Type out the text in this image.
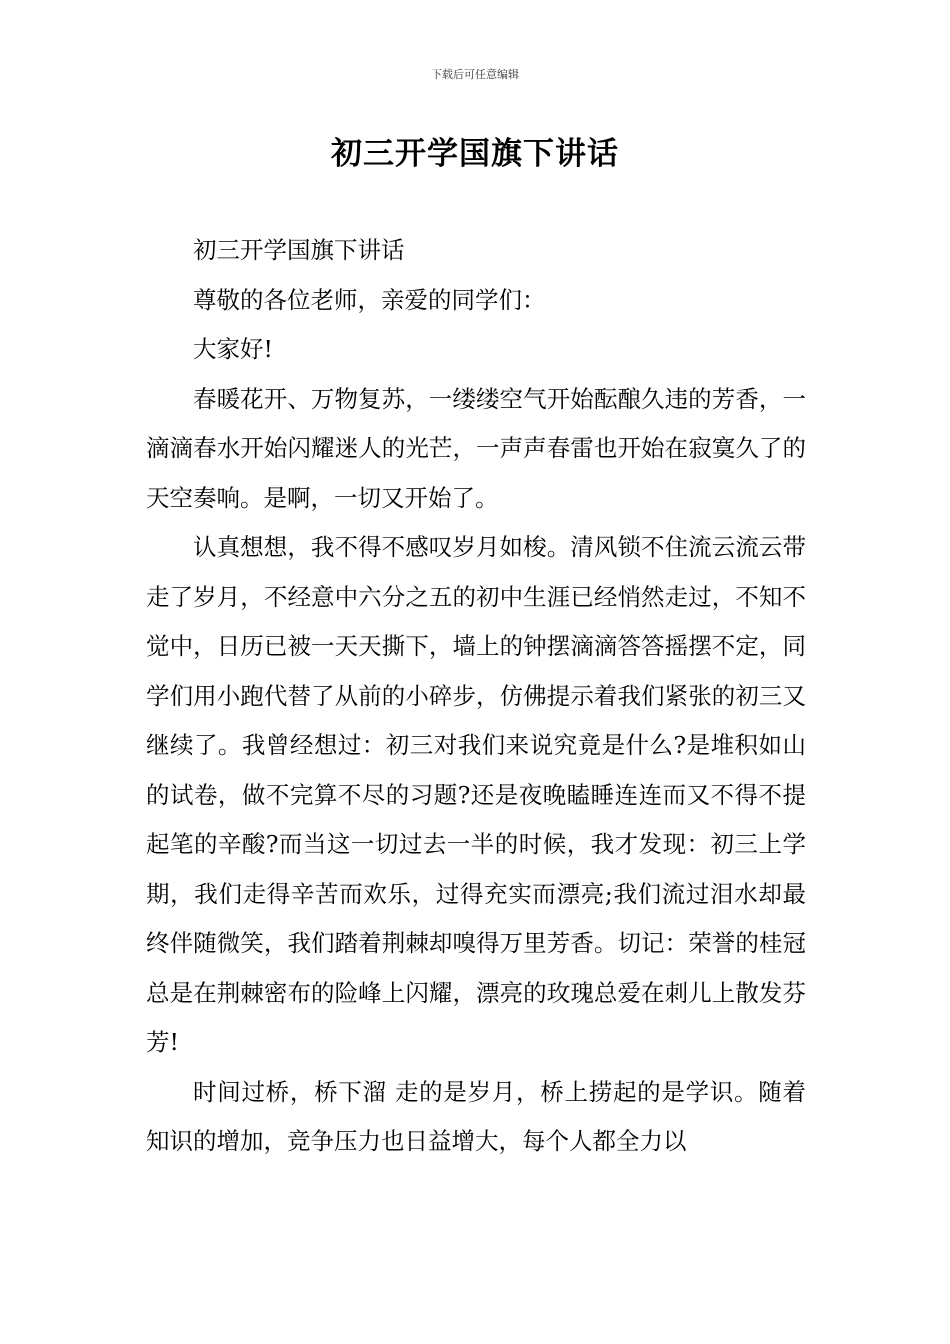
下载后可任意编辑
初三开学国旗下讲话

初三开学国旗下讲话

尊敬的各位老师，亲爱的同学们：

大家好!

春暖花开、万物复苏，一缕缕空气开始酝酿久违的芳香，一滴滴春水开始闪耀迷人的光芒，一声声春雷也开始在寂寞久了的天空奏响。是啊，一切又开始了。

认真想想，我不得不感叹岁月如梭。清风锁不住流云流云带走了岁月，不经意中六分之五的初中生涯已经悄然走过，不知不觉中，日历已被一天天撕下，墙上的钟摆滴滴答答摇摆不定，同学们用小跑代替了从前的小碎步，仿佛提示着我们紧张的初三又继续了。我曾经想过：初三对我们来说究竟是什么?是堆积如山的试卷，做不完算不尽的习题?还是夜晚瞌睡连连而又不得不提起笔的辛酸?而当这一切过去一半的时候，我才发现：初三上学期，我们走得辛苦而欢乐，过得充实而漂亮;我们流过泪水却最终伴随微笑，我们踏着荆棘却嗅得万里芳香。切记：荣誉的桂冠总是在荆棘密布的险峰上闪耀，漂亮的玫瑰总爱在刺儿上散发芬芳!

时间过桥，桥下溜 走的是岁月，桥上捞起的是学识。随着知识的增加，竞争压力也日益增大，每个人都全力以
